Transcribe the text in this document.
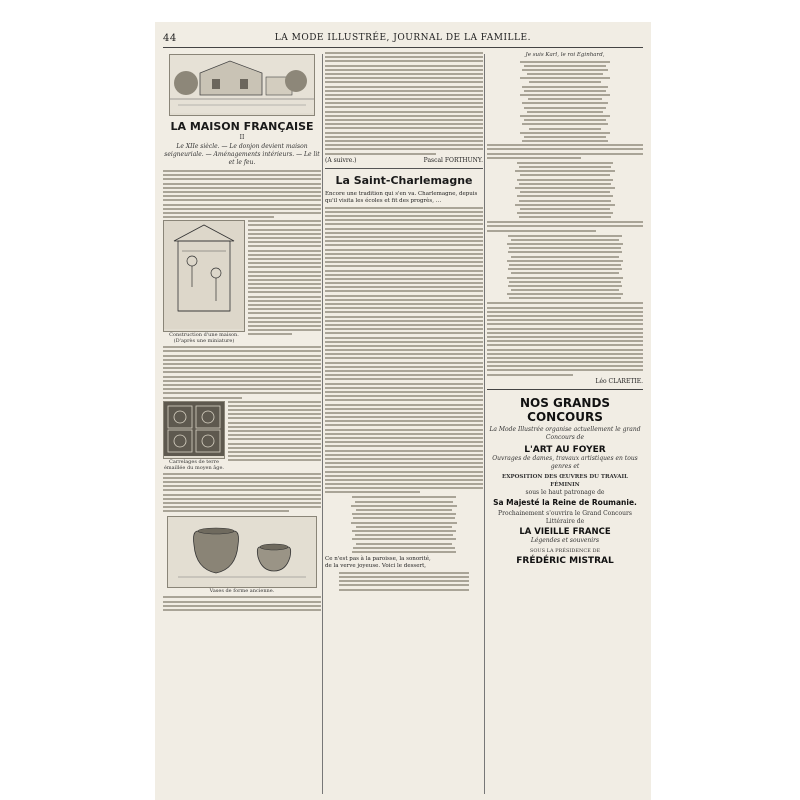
44	LA MODE ILLUSTRÉE, JOURNAL DE LA FAMILLE.
LA MAISON FRANÇAISE
II
Le XIIe siècle. — Le donjon devient maison seigneuriale. — Aménagements intérieurs. — Le lit et le feu.
Construction d'une maison. (D'après une miniature)
Carrelages de terre émaillée du moyen âge.
Vases de forme ancienne.
(A suivre.)	Pascal FORTHUNY.
La Saint-Charlemagne
Encore une tradition qui s'en va. Charlemagne, depuis qu'il visita les écoles et fit des progrès, …
Ce n'est pas à la paroisse, la sonorité,
de la verve joyeuse. Voici le dessert,
Je suis Karl, le roi Eginhard,
Léo CLARETIE.
NOS GRANDS CONCOURS
La Mode Illustrée organise actuellement le grand Concours de
L'ART AU FOYER
Ouvrages de dames, travaux artistiques en tous genres et
EXPOSITION DES ŒUVRES DU TRAVAIL FÉMININ
sous le haut patronage de
Sa Majesté la Reine de Roumanie.
Prochainement s'ouvrira le Grand Concours Littéraire de
LA VIEILLE FRANCE
Légendes et souvenirs
SOUS LA PRÉSIDENCE DE
FRÉDÉRIC MISTRAL
